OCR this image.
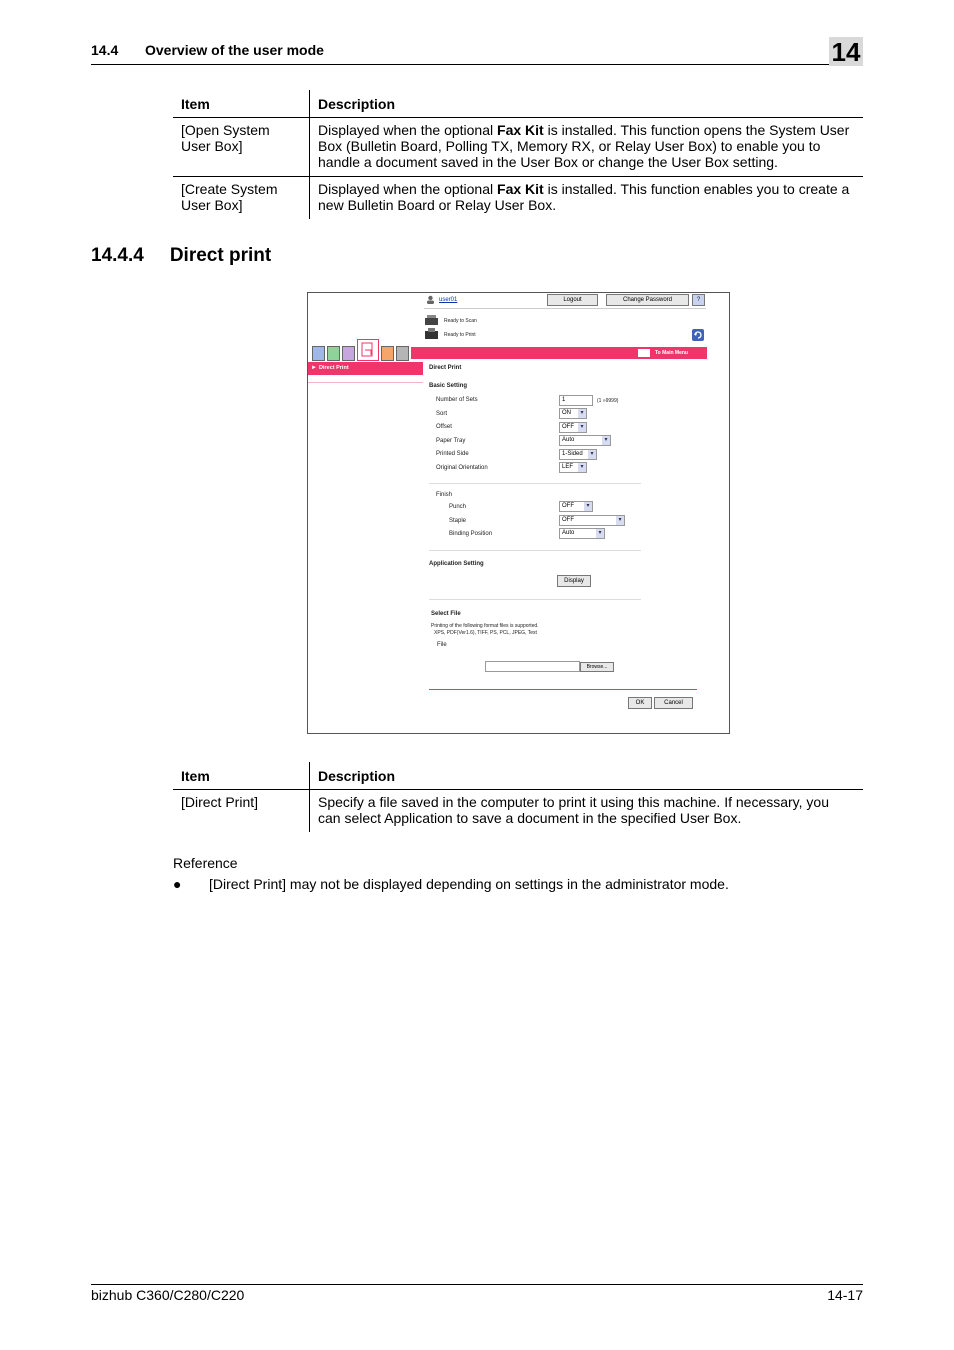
14.4 Overview of the user mode	14
Item	Description
[Open System User Box]	Displayed when the optional Fax Kit is installed. This function opens the System User Box (Bulletin Board, Polling TX, Memory RX, or Relay User Box) to enable you to handle a document saved in the User Box or change the User Box setting.
[Create System User Box]	Displayed when the optional Fax Kit is installed. This function enables you to create a new Bulletin Board or Relay User Box.
14.4.4 Direct print
user01	Logout	Change Password	?
Ready to Scan
Ready to Print
To Main Menu
► Direct Print	Direct Print
Basic Setting
Number of Sets	1	(1 »9999)
Sort	ON	▾
Offset	OFF	▾
Paper Tray	Auto	▾
Printed Side	1-Sided	▾
Original Orientation	LEF	▾
Finish
Punch	OFF	▾
Staple	OFF	▾
Binding Position	Auto	▾
Application Setting
Display
Select File
Printing of the following format files is supported.
XPS, PDF(Ver1.6), TIFF, PS, PCL, JPEG, Text
File
Browse...
OK	Cancel
Item	Description
[Direct Print]	Specify a file saved in the computer to print it using this machine. If necessary, you can select Application to save a document in the specified User Box.
Reference
● [Direct Print] may not be displayed depending on settings in the administrator mode.
bizhub C360/C280/C220	14-17
